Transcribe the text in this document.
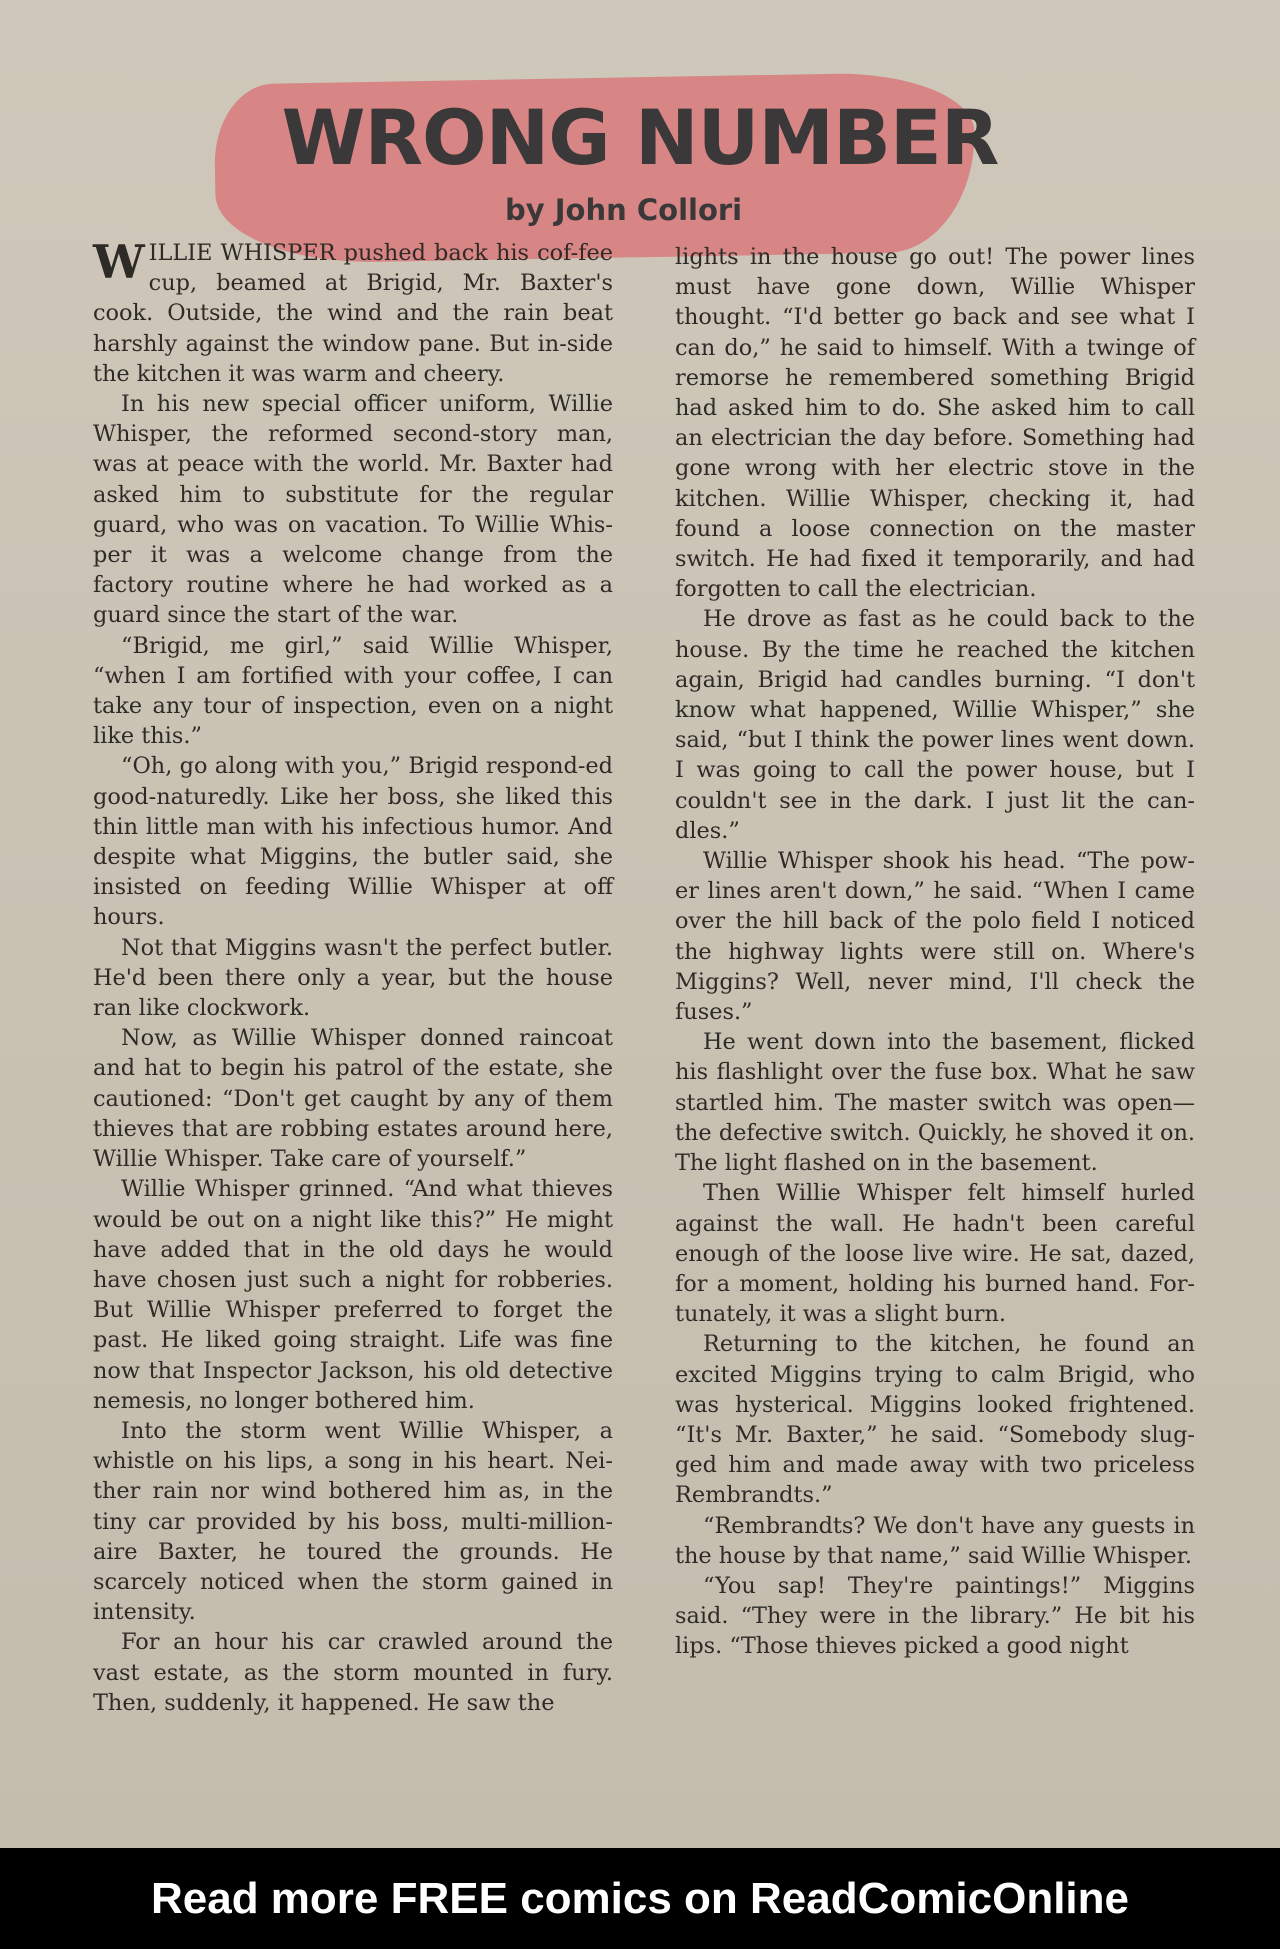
WRONG NUMBER
by John Collori

WILLIE WHISPER pushed back his cof-fee cup, beamed at Brigid, Mr. Baxter's cook. Outside, the wind and the rain beat harshly against the window pane. But in-side the kitchen it was warm and cheery.

In his new special officer uniform, Willie Whisper, the reformed second-story man, was at peace with the world. Mr. Baxter had asked him to substitute for the regular guard, who was on vacation. To Willie Whis-per it was a welcome change from the factory routine where he had worked as a guard since the start of the war.

“Brigid, me girl,” said Willie Whisper, “when I am fortified with your coffee, I can take any tour of inspection, even on a night like this.”

“Oh, go along with you,” Brigid respond-ed good-naturedly. Like her boss, she liked this thin little man with his infectious humor. And despite what Miggins, the butler said, she insisted on feeding Willie Whisper at off hours.

Not that Miggins wasn't the perfect butler. He'd been there only a year, but the house ran like clockwork.

Now, as Willie Whisper donned raincoat and hat to begin his patrol of the estate, she cautioned: “Don't get caught by any of them thieves that are robbing estates around here, Willie Whisper. Take care of yourself.”

Willie Whisper grinned. “And what thieves would be out on a night like this?” He might have added that in the old days he would have chosen just such a night for robberies. But Willie Whisper preferred to forget the past. He liked going straight. Life was fine now that Inspector Jackson, his old detective nemesis, no longer bothered him.

Into the storm went Willie Whisper, a whistle on his lips, a song in his heart. Nei-ther rain nor wind bothered him as, in the tiny car provided by his boss, multi-million-aire Baxter, he toured the grounds. He scarcely noticed when the storm gained in intensity.

For an hour his car crawled around the vast estate, as the storm mounted in fury. Then, suddenly, it happened. He saw the

lights in the house go out! The power lines must have gone down, Willie Whisper thought. “I'd better go back and see what I can do,” he said to himself. With a twinge of remorse he remembered something Brigid had asked him to do. She asked him to call an electrician the day before. Something had gone wrong with her electric stove in the kitchen. Willie Whisper, checking it, had found a loose connection on the master switch. He had fixed it temporarily, and had forgotten to call the electrician.

He drove as fast as he could back to the house. By the time he reached the kitchen again, Brigid had candles burning. “I don't know what happened, Willie Whisper,” she said, “but I think the power lines went down. I was going to call the power house, but I couldn't see in the dark. I just lit the can-dles.”

Willie Whisper shook his head. “The pow-er lines aren't down,” he said. “When I came over the hill back of the polo field I noticed the highway lights were still on. Where's Miggins? Well, never mind, I'll check the fuses.”

He went down into the basement, flicked his flashlight over the fuse box. What he saw startled him. The master switch was open—the defective switch. Quickly, he shoved it on. The light flashed on in the basement.

Then Willie Whisper felt himself hurled against the wall. He hadn't been careful enough of the loose live wire. He sat, dazed, for a moment, holding his burned hand. For-tunately, it was a slight burn.

Returning to the kitchen, he found an excited Miggins trying to calm Brigid, who was hysterical. Miggins looked frightened. “It's Mr. Baxter,” he said. “Somebody slug-ged him and made away with two priceless Rembrandts.”

“Rembrandts? We don't have any guests in the house by that name,” said Willie Whisper.

“You sap! They're paintings!” Miggins said. “They were in the library.” He bit his lips. “Those thieves picked a good night

Read more FREE comics on ReadComicOnline
